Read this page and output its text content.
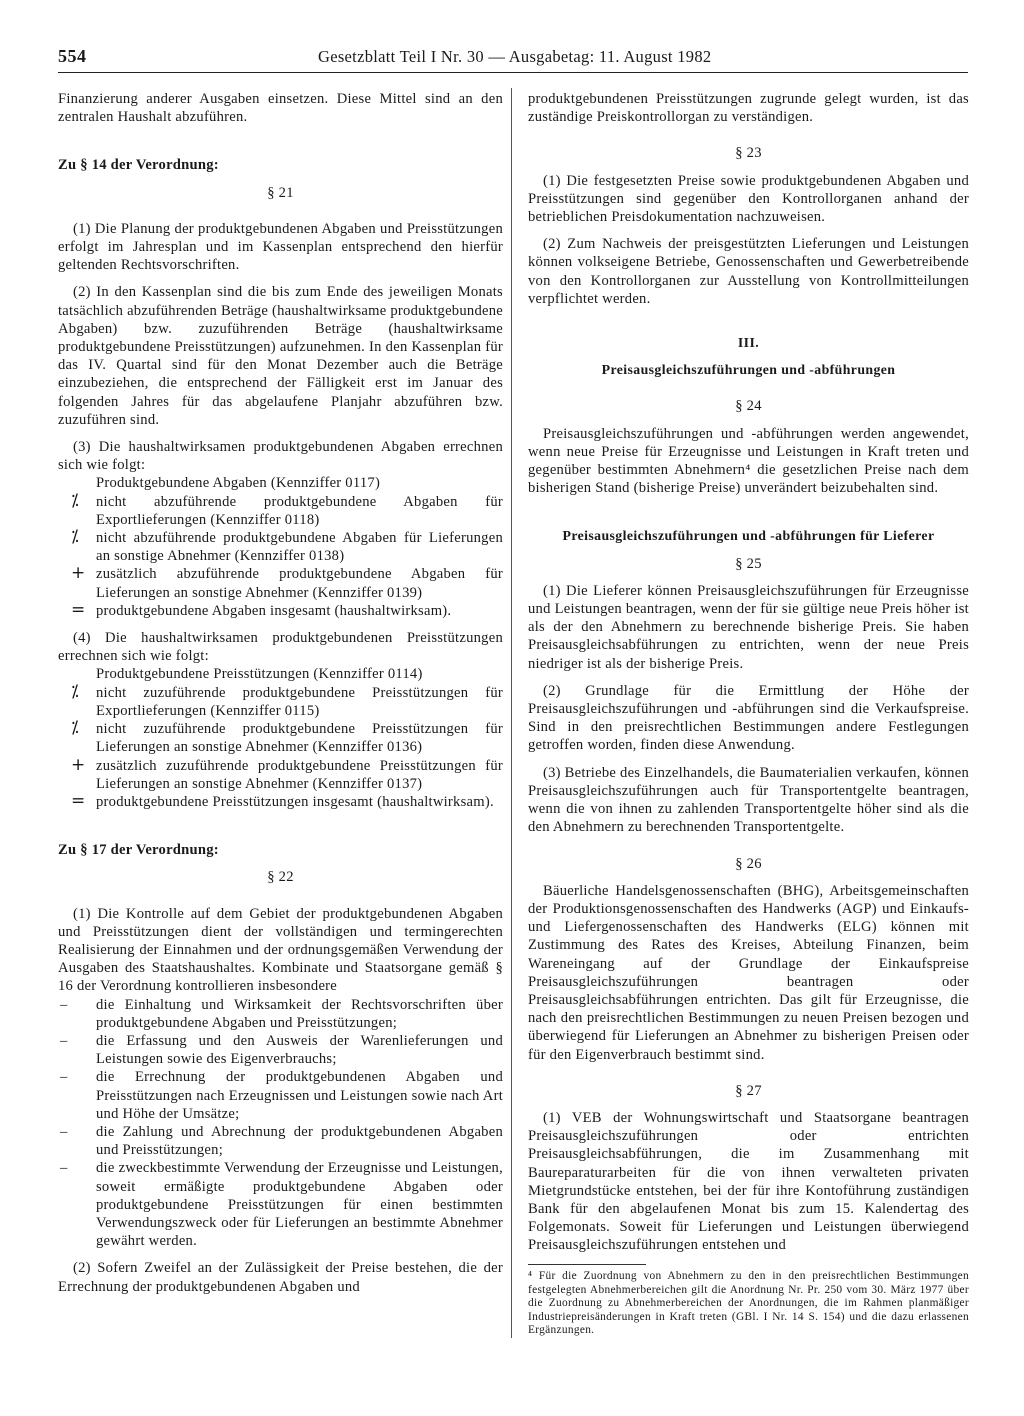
554	Gesetzblatt Teil I Nr. 30 — Ausgabetag: 11. August 1982

Finanzierung anderer Ausgaben einsetzen. Diese Mittel sind an den zentralen Haushalt abzuführen.

Zu § 14 der Verordnung:

§ 21

(1) Die Planung der produktgebundenen Abgaben und Preisstützungen erfolgt im Jahresplan und im Kassenplan entsprechend den hierfür geltenden Rechtsvorschriften.

(2) In den Kassenplan sind die bis zum Ende des jeweiligen Monats tatsächlich abzuführenden Beträge (haushaltwirksame produktgebundene Abgaben) bzw. zuzuführenden Beträge (haushaltwirksame produktgebundene Preisstützungen) aufzunehmen. In den Kassenplan für das IV. Quartal sind für den Monat Dezember auch die Beträge einzubeziehen, die entsprechend der Fälligkeit erst im Januar des folgenden Jahres für das abgelaufene Planjahr abzuführen bzw. zuzuführen sind.

(3) Die haushaltwirksamen produktgebundenen Abgaben errechnen sich wie folgt:

Produktgebundene Abgaben (Kennziffer 0117)

⁒	nicht abzuführende produktgebundene Abgaben für Exportlieferungen (Kennziffer 0118)

⁒	nicht abzuführende produktgebundene Abgaben für Lieferungen an sonstige Abnehmer (Kennziffer 0138)

+ zusätzlich abzuführende produktgebundene Abgaben für Lieferungen an sonstige Abnehmer (Kennziffer 0139)

= produktgebundene Abgaben insgesamt (haushaltwirksam).

(4) Die haushaltwirksamen produktgebundenen Preisstützungen errechnen sich wie folgt:

Produktgebundene Preisstützungen (Kennziffer 0114)

⁒	nicht zuzuführende produktgebundene Preisstützungen für Exportlieferungen (Kennziffer 0115)

⁒	nicht zuzuführende produktgebundene Preisstützungen für Lieferungen an sonstige Abnehmer (Kennziffer 0136)

+ zusätzlich zuzuführende produktgebundene Preisstützungen für Lieferungen an sonstige Abnehmer (Kennziffer 0137)

= produktgebundene Preisstützungen insgesamt (haushaltwirksam).

Zu § 17 der Verordnung:

§ 22

(1) Die Kontrolle auf dem Gebiet der produktgebundenen Abgaben und Preisstützungen dient der vollständigen und termingerechten Realisierung der Einnahmen und der ordnungsgemäßen Verwendung der Ausgaben des Staatshaushaltes. Kombinate und Staatsorgane gemäß § 16 der Verordnung kontrollieren insbesondere

– die Einhaltung und Wirksamkeit der Rechtsvorschriften über produktgebundene Abgaben und Preisstützungen;

– die Erfassung und den Ausweis der Warenlieferungen und Leistungen sowie des Eigenverbrauchs;

– die Errechnung der produktgebundenen Abgaben und Preisstützungen nach Erzeugnissen und Leistungen sowie nach Art und Höhe der Umsätze;

– die Zahlung und Abrechnung der produktgebundenen Abgaben und Preisstützungen;

– die zweckbestimmte Verwendung der Erzeugnisse und Leistungen, soweit ermäßigte produktgebundene Abgaben oder produktgebundene Preisstützungen für einen bestimmten Verwendungszweck oder für Lieferungen an bestimmte Abnehmer gewährt werden.

(2) Sofern Zweifel an der Zulässigkeit der Preise bestehen, die der Errechnung der produktgebundenen Abgaben und

produktgebundenen Preisstützungen zugrunde gelegt wurden, ist das zuständige Preiskontrollorgan zu verständigen.

§ 23

(1) Die festgesetzten Preise sowie produktgebundenen Abgaben und Preisstützungen sind gegenüber den Kontrollorganen anhand der betrieblichen Preisdokumentation nachzuweisen.

(2) Zum Nachweis der preisgestützten Lieferungen und Leistungen können volkseigene Betriebe, Genossenschaften und Gewerbetreibende von den Kontrollorganen zur Ausstellung von Kontrollmitteilungen verpflichtet werden.

III.

Preisausgleichszuführungen und -abführungen

§ 24

Preisausgleichszuführungen und -abführungen werden angewendet, wenn neue Preise für Erzeugnisse und Leistungen in Kraft treten und gegenüber bestimmten Abnehmern⁴ die gesetzlichen Preise nach dem bisherigen Stand (bisherige Preise) unverändert beizubehalten sind.

Preisausgleichszuführungen und -abführungen für Lieferer

§ 25

(1) Die Lieferer können Preisausgleichszuführungen für Erzeugnisse und Leistungen beantragen, wenn der für sie gültige neue Preis höher ist als der den Abnehmern zu berechnende bisherige Preis. Sie haben Preisausgleichsabführungen zu entrichten, wenn der neue Preis niedriger ist als der bisherige Preis.

(2) Grundlage für die Ermittlung der Höhe der Preisausgleichszuführungen und -abführungen sind die Verkaufspreise. Sind in den preisrechtlichen Bestimmungen andere Festlegungen getroffen worden, finden diese Anwendung.

(3) Betriebe des Einzelhandels, die Baumaterialien verkaufen, können Preisausgleichszuführungen auch für Transportentgelte beantragen, wenn die von ihnen zu zahlenden Transportentgelte höher sind als die den Abnehmern zu berechnenden Transportentgelte.

§ 26

Bäuerliche Handelsgenossenschaften (BHG), Arbeitsgemeinschaften der Produktionsgenossenschaften des Handwerks (AGP) und Einkaufs- und Liefergenossenschaften des Handwerks (ELG) können mit Zustimmung des Rates des Kreises, Abteilung Finanzen, beim Wareneingang auf der Grundlage der Einkaufspreise Preisausgleichszuführungen beantragen oder Preisausgleichsabführungen entrichten. Das gilt für Erzeugnisse, die nach den preisrechtlichen Bestimmungen zu neuen Preisen bezogen und überwiegend für Lieferungen an Abnehmer zu bisherigen Preisen oder für den Eigenverbrauch bestimmt sind.

§ 27

(1) VEB der Wohnungswirtschaft und Staatsorgane beantragen Preisausgleichszuführungen oder entrichten Preisausgleichsabführungen, die im Zusammenhang mit Baureparaturarbeiten für die von ihnen verwalteten privaten Mietgrundstücke entstehen, bei der für ihre Kontoführung zuständigen Bank für den abgelaufenen Monat bis zum 15. Kalendertag des Folgemonats. Soweit für Lieferungen und Leistungen überwiegend Preisausgleichszuführungen entstehen und

⁴ Für die Zuordnung von Abnehmern zu den in den preisrechtlichen Bestimmungen festgelegten Abnehmerbereichen gilt die Anordnung Nr. Pr. 250 vom 30. März 1977 über die Zuordnung zu Abnehmerbereichen der Anordnungen, die im Rahmen planmäßiger Industriepreisänderungen in Kraft treten (GBl. I Nr. 14 S. 154) und die dazu erlassenen Ergänzungen.
